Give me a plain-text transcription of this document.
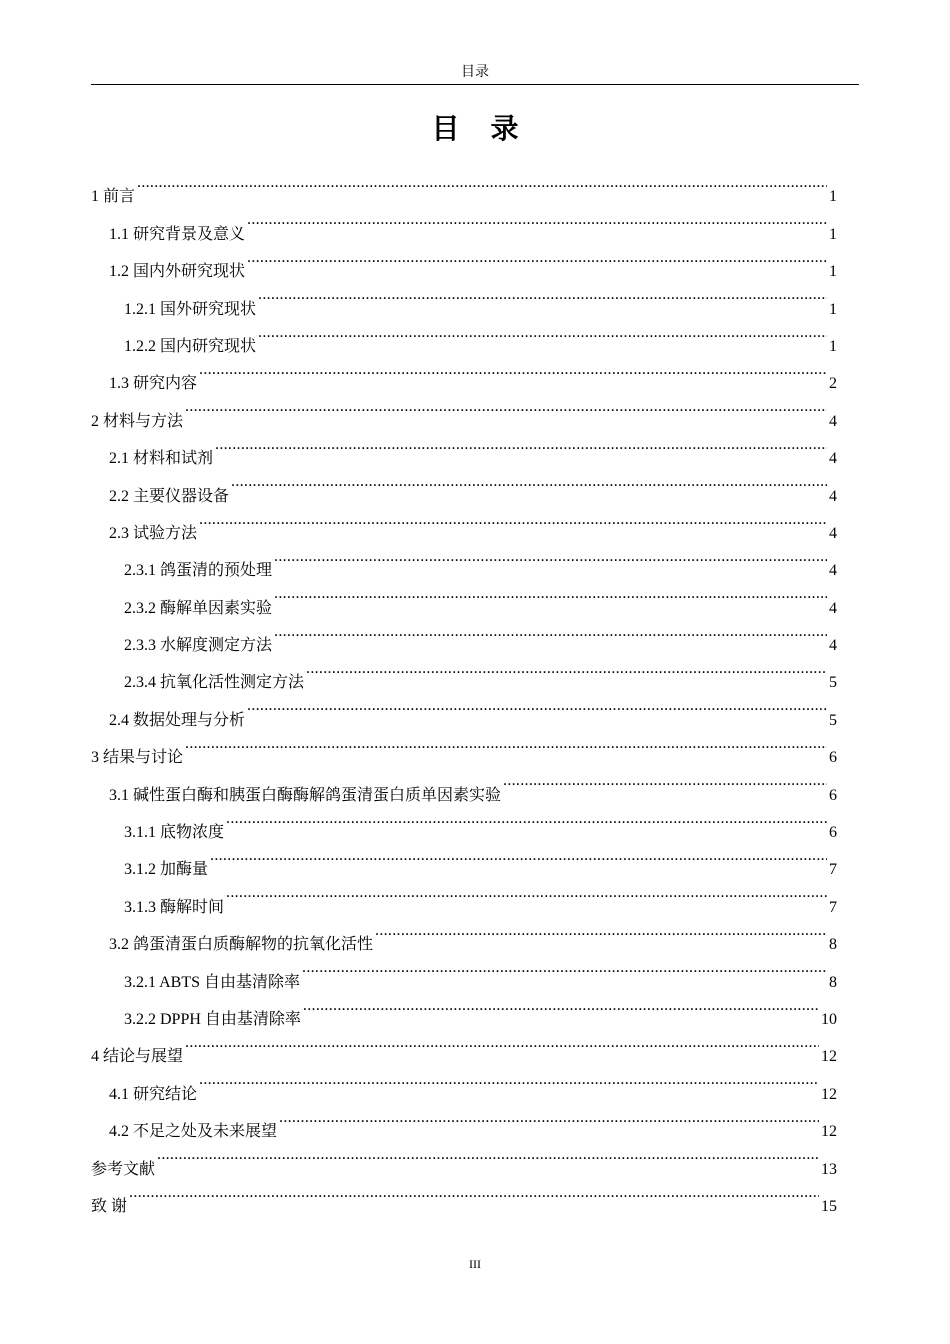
目录
目 录
1 前言 .....	1
1.1 研究背景及意义 .....	1
1.2 国内外研究现状 .....	1
1.2.1 国外研究现状 .....	1
1.2.2 国内研究现状 .....	1
1.3 研究内容 .....	2
2 材料与方法 .....	4
2.1 材料和试剂 .....	4
2.2 主要仪器设备 .....	4
2.3 试验方法 .....	4
2.3.1 鸽蛋清的预处理 .....	4
2.3.2 酶解单因素实验 .....	4
2.3.3 水解度测定方法 .....	4
2.3.4 抗氧化活性测定方法 .....	5
2.4 数据处理与分析 .....	5
3 结果与讨论 .....	6
3.1 碱性蛋白酶和胰蛋白酶酶解鸽蛋清蛋白质单因素实验 .....	6
3.1.1 底物浓度 .....	6
3.1.2 加酶量 .....	7
3.1.3 酶解时间 .....	7
3.2 鸽蛋清蛋白质酶解物的抗氧化活性 .....	8
3.2.1 ABTS 自由基清除率 .....	8
3.2.2 DPPH 自由基清除率 .....	10
4 结论与展望 .....	12
4.1 研究结论 .....	12
4.2 不足之处及未来展望 .....	12
参考文献 .....	13
致 谢 .....	15
III
